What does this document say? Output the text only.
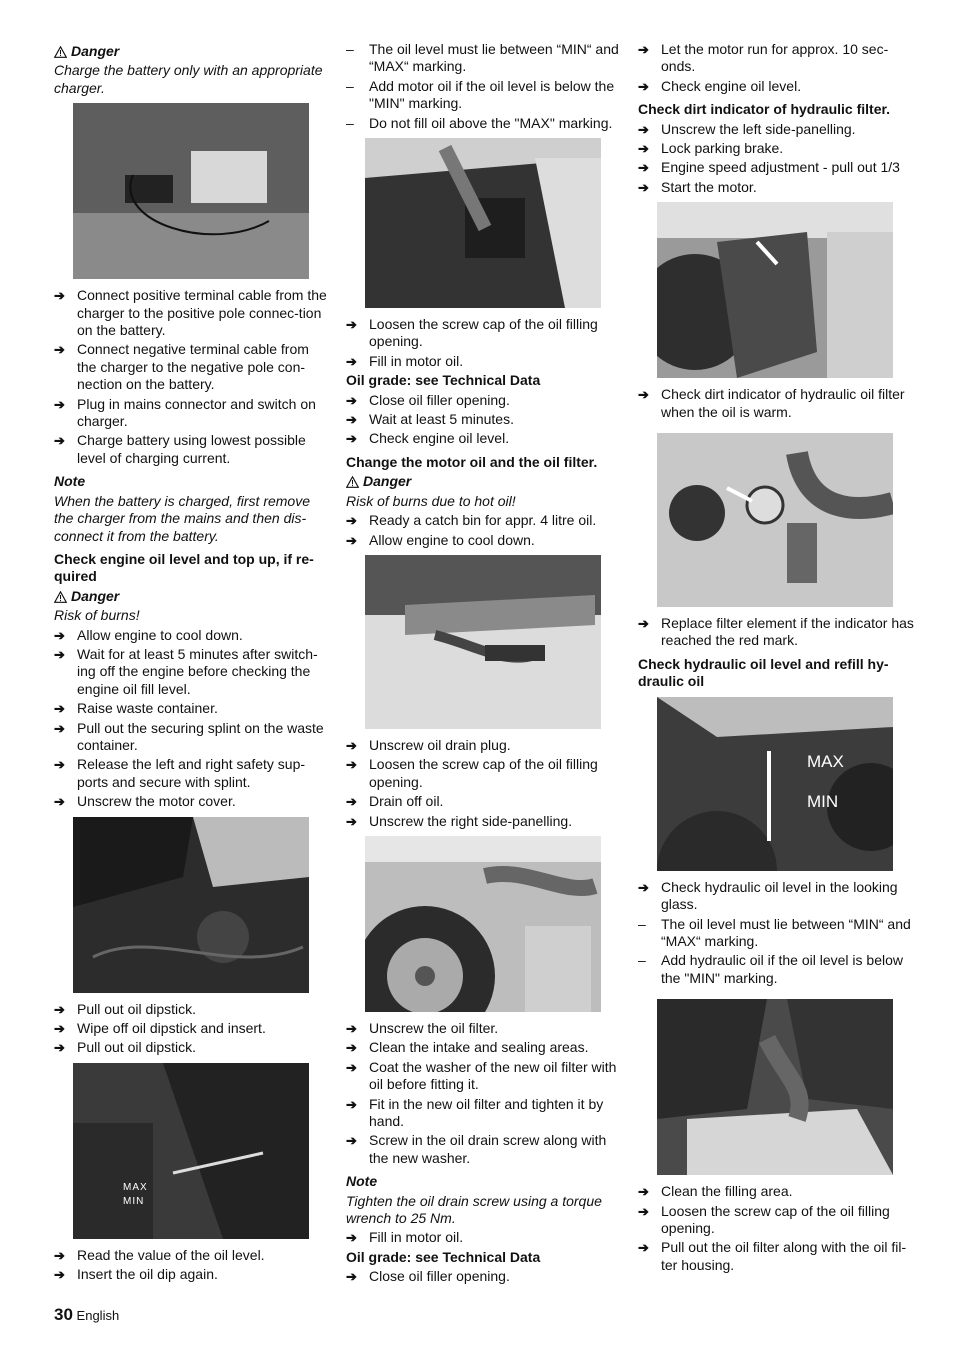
Danger
Charge the battery only with an appropriate charger.
➔ Connect positive terminal cable from the charger to the positive pole connec-tion on the battery.
➔ Connect negative terminal cable from the charger to the negative pole con-nection on the battery.
➔ Plug in mains connector and switch on charger.
➔ Charge battery using lowest possible level of charging current.
Note
When the battery is charged, first remove the charger from the mains and then dis-connect it from the battery.
Check engine oil level and top up, if re-quired
Danger
Risk of burns!
➔ Allow engine to cool down.
➔ Wait for at least 5 minutes after switch-ing off the engine before checking the engine oil fill level.
➔ Raise waste container.
➔ Pull out the securing splint on the waste container.
➔ Release the left and right safety sup-ports and secure with splint.
➔ Unscrew the motor cover.
➔ Pull out oil dipstick.
➔ Wipe off oil dipstick and insert.
➔ Pull out oil dipstick.
MAX
MIN
➔ Read the value of the oil level.
➔ Insert the oil dip again.
–	The oil level must lie between “MIN“ and “MAX“ marking.
–	Add motor oil if the oil level is below the "MIN" marking.
–	Do not fill oil above the "MAX" marking.
➔ Loosen the screw cap of the oil filling opening.
➔ Fill in motor oil.
Oil grade: see Technical Data
➔ Close oil filler opening.
➔ Wait at least 5 minutes.
➔ Check engine oil level.
Change the motor oil and the oil filter.
Danger
Risk of burns due to hot oil!
➔ Ready a catch bin for appr. 4 litre oil.
➔ Allow engine to cool down.
➔ Unscrew oil drain plug.
➔ Loosen the screw cap of the oil filling opening.
➔ Drain off oil.
➔ Unscrew the right side-panelling.
➔ Unscrew the oil filter.
➔ Clean the intake and sealing areas.
➔ Coat the washer of the new oil filter with oil before fitting it.
➔ Fit in the new oil filter and tighten it by hand.
➔ Screw in the oil drain screw along with the new washer.
Note
Tighten the oil drain screw using a torque wrench to 25 Nm.
➔ Fill in motor oil.
Oil grade: see Technical Data
➔ Close oil filler opening.
➔ Let the motor run for approx. 10 sec-onds.
➔ Check engine oil level.
Check dirt indicator of hydraulic filter.
➔ Unscrew the left side-panelling.
➔ Lock parking brake.
➔ Engine speed adjustment - pull out 1/3
➔ Start the motor.
➔ Check dirt indicator of hydraulic oil filter when the oil is warm.
➔ Replace filter element if the indicator has reached the red mark.
Check hydraulic oil level and refill hy-draulic oil
MAX
MIN
➔ Check hydraulic oil level in the looking glass.
–	The oil level must lie between “MIN“ and “MAX“ marking.
–	Add hydraulic oil if the oil level is below the "MIN" marking.
➔ Clean the filling area.
➔ Loosen the screw cap of the oil filling opening.
➔ Pull out the oil filter along with the oil fil-ter housing.
30 English
